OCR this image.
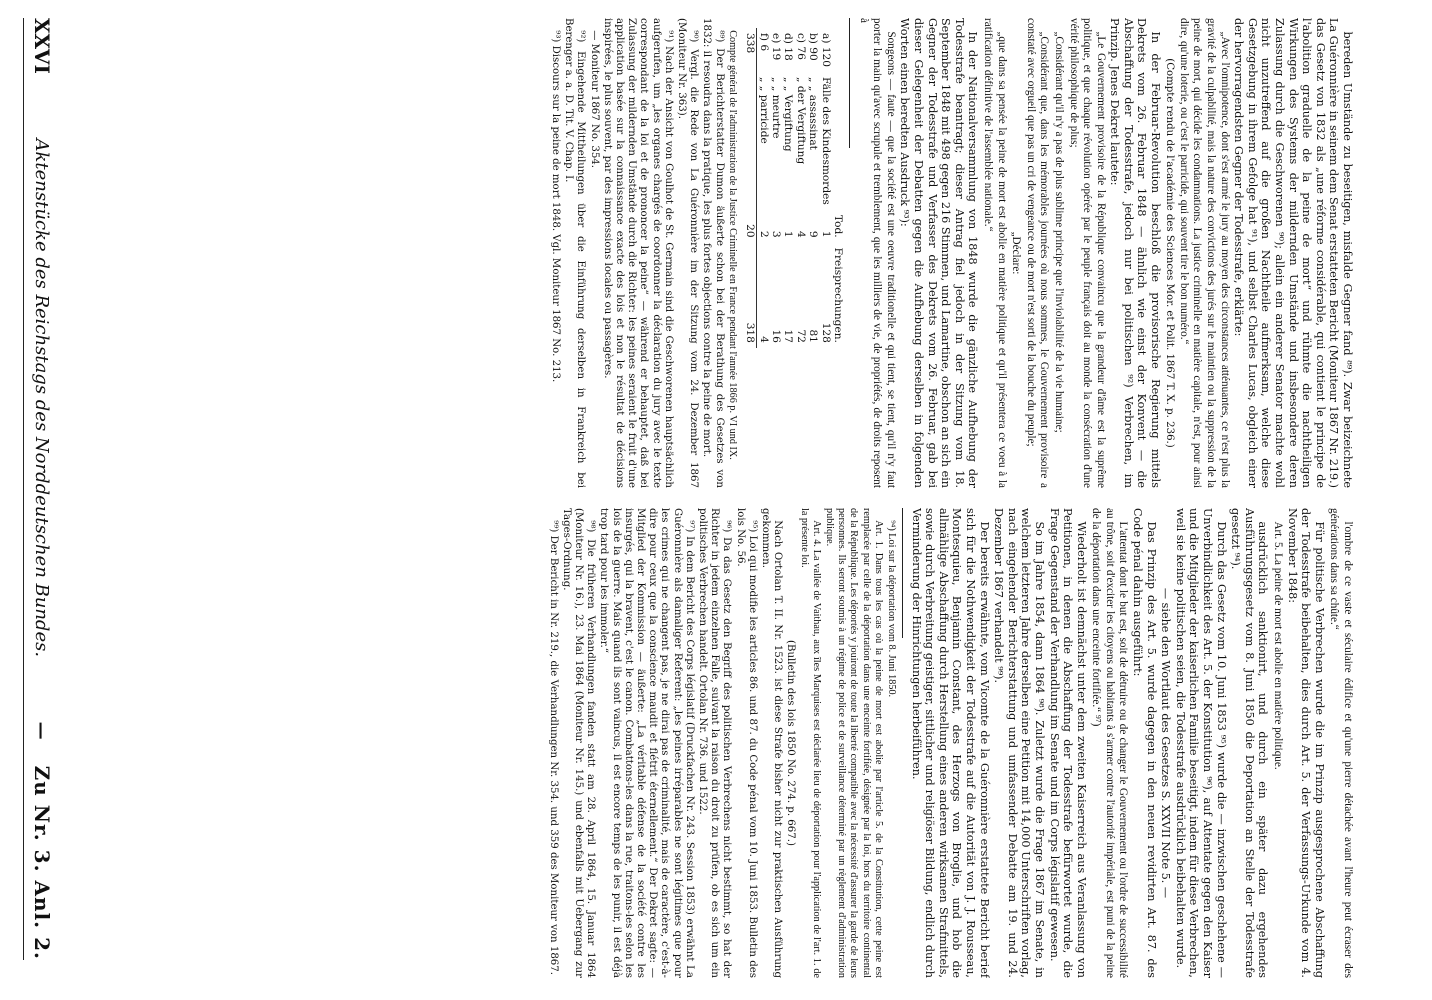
XXVI
Aktenstücke des Reichstags des Norddeutschen Bundes.
—
Zu Nr. 3. Anl. 2.

bereden Umstände zu beseitigen, misfalde Gegner fand ⁸⁹). Zwar beizeichnete La Guéronnière in seinem dem Senat erstatteten Bericht (Moniteur 1867 Nr. 219.) das Gesetz von 1832 als „une réforme considérable, qui contient le principe de l'abolition graduelle de la peine de mort“ und rühmte die nachtheiligen Wirkungen des Systems der mildernden Umstände und insbesondere deren Zulassung durch die Geschworenen ⁹⁰); allein ein anderer Senator machte wohl nicht unzutreffend auf die großen Nachtheile aufmerksam, welche diese Gesetzgebung in ihrem Gefolge hat ⁹¹), und selbst Charles Lucas, obgleich einer der hervorragendsten Gegner der Todesstrafe, erklärte:

„Avec l'omnipotence, dont s'est armé le jury au moyen des circonstances atténuantes, ce n'est plus la gravité de la culpabilité, mais la nature des convictions des jurés sur le maintien ou la suppression de la peine de mort, qui décide les condamnations. La justice criminelle en matière capitale, n'est, pour ainsi dire, qu'une loterie, ou c'est le parricide, qui souvent tire le bon numéro.“

(Compte rendu de l'académie des Sciences Mor. et Polit. 1867 T. X. p. 236.)

In der Februar-Revolution beschloß die provisorische Regierung mittels Dekrets vom 26. Februar 1848 — ähnlich wie einst der Konvent — die Abschaffung der Todesstrafe, jedoch nur bei politischen ⁹²) Verbrechen, im Prinzip. Jenes Dekret lautete:

„Le Gouvernement provisoire de la République convaincu que la grandeur d'âme est la suprême politique, et que chaque révolution opérée par le peuple français doit au monde la consécration d'une vérité philosophique de plus;

„Considérant qu'il n'y a pas de plus sublime principe que l'inviolabilité de la vie humaine;

„Considérant que, dans les mémorables journées où nous sommes, le Gouvernement provisoire a constaté avec orgueil que pas un cri de vengeance ou de mort n'est sorti de la bouche du peuple;

„Déclare:

„que dans sa pensée la peine de mort est abolie en matière politique et qu'il présentera ce voeu à la ratification définitive de l'assemblée nationale.“

In der Nationalversammlung von 1848 wurde die gänzliche Aufhebung der Todesstrafe beantragt; dieser Antrag fiel jedoch in der Sitzung vom 18. September 1848 mit 498 gegen 216 Stimmen, und Lamartine, obschon an sich ein Gegner der Todesstrafe und Verfasser des Dekrets vom 26. Februar, gab bei dieser Gelegenheit der Debatten gegen die Aufhebung derselben in folgenden Worten einen beredten Ausdruck ⁹³):

Songeons — faute — que la société est une oeuvre traditionelle et qui tient, se tient, qu'il n'y faut porter la main qu'avec scrupule et tremblement, que les milliers de vie, de propriétés, de droits reposent à

		Tod.	Freisprechungen.
a) 120	Fälle des Kindesmordes	1	128
b) 90	„ „ assassinat	9	81
c) 76	„ der Vergiftung	4	72
d) 18	„ „ Vergiftung	1	17
e) 19	„ „ meurtre	3	16
f) 6	„ „ parricide	2	4
338		20	318

Compte général de l'administration de la Justice Criminelle en France pendant l'année 1866 p. VI und IX.

⁸⁹) Der Berichterstatter Dumon äußerte schon bei der Berathung des Gesetzes von 1832: il resoudra dans la pratique, les plus fortes objections contre la peine de mort.

⁹⁰) Vergl. die Rede von La Guéronnière im der Sitzung vom 24. Dezember 1867 (Moniteur Nr. 363).

⁹¹) Nach der Ansicht von Goulhot de St. Germain sind die Geschworenen hauptsächlich aufgerufen, um „les organes chargés de coordonner la déclaration du jury avec le texte correspondant de la loi et de prononcer la peine“ — während er behauptet, daß bei Zulassung der mildernden Umstände durch die Richter: les peines seraient le fruit d'une application basée sur la connaissance exacte des lois et non le résultat de décisions inspirées, le plus souvent, par des impressions locales ou passagères.

— Moniteur 1867 No. 354.

⁹²) Eingehende Mittheilungen über die Einführung derselben in Frankreich bei Berenger a. a. D. Tit. V. Chap. I.

⁹³) Discours sur la peine de mort 1848. Vgl. Moniteur 1867 No. 213.

l'ombre de ce vaste et séculaire édifice et qu'une pierre détachée avant l'heure peut écraser des générations dans sa chûte.“

Für politische Verbrechen wurde die im Prinzip ausgesprochene Abschaffung der Todesstrafe beibehalten, dies durch Art. 5. der Verfassungs-Urkunde vom 4. November 1848:

Art. 5. La peine de mort est abolie en matière politique.

ausdrücklich sanktionirt, und durch ein später dazu ergehendes Ausführungsgesetz vom 8. Juni 1850 die Deportation an Stelle der Todesstrafe gesetzt ⁹⁴).

Durch das Gesetz vom 10. Juni 1853 ⁹⁵) wurde die — inzwischen geschehene — Unverbindlichkeit des Art. 5. der Konstitution ⁹⁶), auf Attentate gegen den Kaiser und die Mitglieder der kaiserlichen Familie beseitigt, indem für diese Verbrechen, weil sie keine politischen seien, die Todesstrafe ausdrücklich beibehalten wurde.

— siehe den Wortlaut des Gesetzes S. XXVII Note 5. —

Das Prinzip des Art. 5. wurde dagegen in den neuen revidirten Art. 87. des Code pénal dahin ausgeführt:

L'attentat dont le but est, soit de détruire ou de changer le Gouvernement ou l'ordre de successibilité au trône, soit d'exciter les citoyens ou habitants à s'armer contre l'autorité impériale, est puni de la peine de la déportation dans une enceinte fortifiée.“ ⁹⁷)

Wiederholt ist demnächst unter dem zweiten Kaiserreich aus Veranlassung von Petitionen, in denen die Abschaffung der Todesstrafe befürwortet wurde, die Frage Gegenstand der Verhandlung im Senate und im Corps législatif gewesen.

So im Jahre 1854, dann 1864 ⁹⁸). Zuletzt wurde die Frage 1867 im Senate, in welchem letzteren Jahre derselben eine Petition mit 14,000 Unterschriften vorlag, nach eingehender Berichterstattung und umfassender Debatte am 19. und 24. Dezember 1867 verhandelt ⁹⁹).

Der bereits erwähnte, vom Vicomte de la Guéronnière erstattete Bericht berief sich für die Nothwendigkeit der Todesstrafe auf die Autorität von J. J. Rousseau, Montesquieu, Benjamin Constant, des Herzogs von Broglie, und hob die allmählige Abschaffung durch Herstellung eines anderen wirksamen Strafmittels, sowie durch Verbreitung geistiger, sittlicher und religiöser Bildung, endlich durch Verminderung der Hinrichtungen herbeiführen.

⁹⁴) Loi sur la déportation vom 8. Juni 1850.

Art. 1. Dans tous les cas où la peine de mort est abolie par l'article 5. de la Constitution, cette peine est remplacée par celle de la déportation dans une enceinte fortifiée, désignée par la loi, hors du territoire continental de la République. Les déportés y jouiront de toute la liberté compatible avec la nécessité d'assurer la garde de leurs personnes. Ils seront soumis à un régime de police et de surveillance déterminé par un règlement d'administration publique.

Art. 4. La vallée de Vaithau, aux îles Marquises est déclarée lieu de déportation pour l'application de l'art. 1. de la présente loi.

(Bulletin des lois 1850 No. 274. p. 667.)

Nach Ortolan T. II. Nr. 1523. ist diese Strafe bisher nicht zur praktischen Ausführung gekommen.

⁹⁵) Loi qui modifie les articles 86. und 87. du Code pénal vom 10. Juni 1853. Bulletin des lois No. 56.

⁹⁶) Da das Gesetz den Begriff des politischen Verbrechens nicht bestimmt, so hat der Richter in jedem einzelnen Falle, suivant la raison du droit zu prüfen, ob es sich um ein politisches Verbrechen handelt. Ortolan Nr. 736. und 1522.

⁹⁷) In dem Bericht des Corps législatif (Druckfachen Nr. 243. Session 1853) erwähnt La Guéronnière als damaliger Referent: „les peines irréparables ne sont légitimes que pour les crimes qui ne changent pas, je ne dirai pas de criminalité, mais de caractère, c'est-à-dire pour ceux que la conscience maudit et flétrit éternellement.“ Der Dekret sagte: — Mitglied der Kommission — äußerte: „La véritable défense de la société contre les insurgés, qui la bravent, c'est le canon. Combattons-les dans la rue, traitons-les selon les lois de la guerre. Mais quand ils sont vaincus, il est encore temps de les punir, il est déjà trop tard pour les immoler.“

⁹⁸) Die früheren Verhandlungen fanden statt am 28. April 1864, 15. Januar 1864 (Moniteur Nr. 16.), 23. Mai 1864 (Moniteur Nr. 145.) und ebenfalls mit Uebergang zur Tages-Ordnung.

⁹⁹) Der Bericht in Nr. 219., die Verhandlungen Nr. 354. und 359 des Moniteur von 1867.
